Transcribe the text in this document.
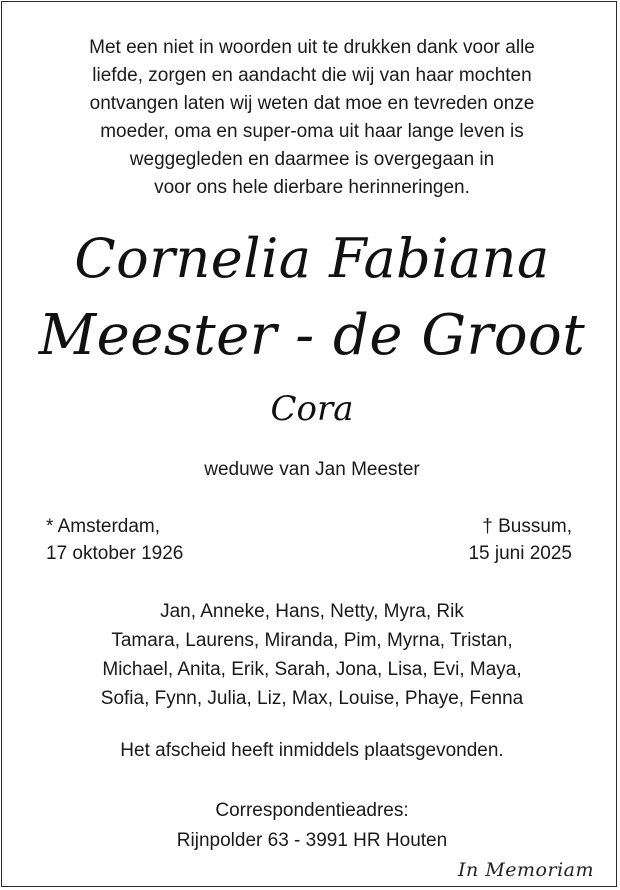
Met een niet in woorden uit te drukken dank voor alle
liefde, zorgen en aandacht die wij van haar mochten
ontvangen laten wij weten dat moe en tevreden onze
moeder, oma en super-oma uit haar lange leven is
weggegleden en daarmee is overgegaan in
voor ons hele dierbare herinneringen.
Cornelia Fabiana
Meester - de Groot
Cora
weduwe van Jan Meester
* Amsterdam,
17 oktober 1926
† Bussum,
15 juni 2025
Jan, Anneke, Hans, Netty, Myra, Rik
Tamara, Laurens, Miranda, Pim, Myrna, Tristan,
Michael, Anita, Erik, Sarah, Jona, Lisa, Evi, Maya,
Sofia, Fynn, Julia, Liz, Max, Louise, Phaye, Fenna
Het afscheid heeft inmiddels plaatsgevonden.
Correspondentieadres:
Rijnpolder 63 - 3991 HR Houten
In Memoriam
